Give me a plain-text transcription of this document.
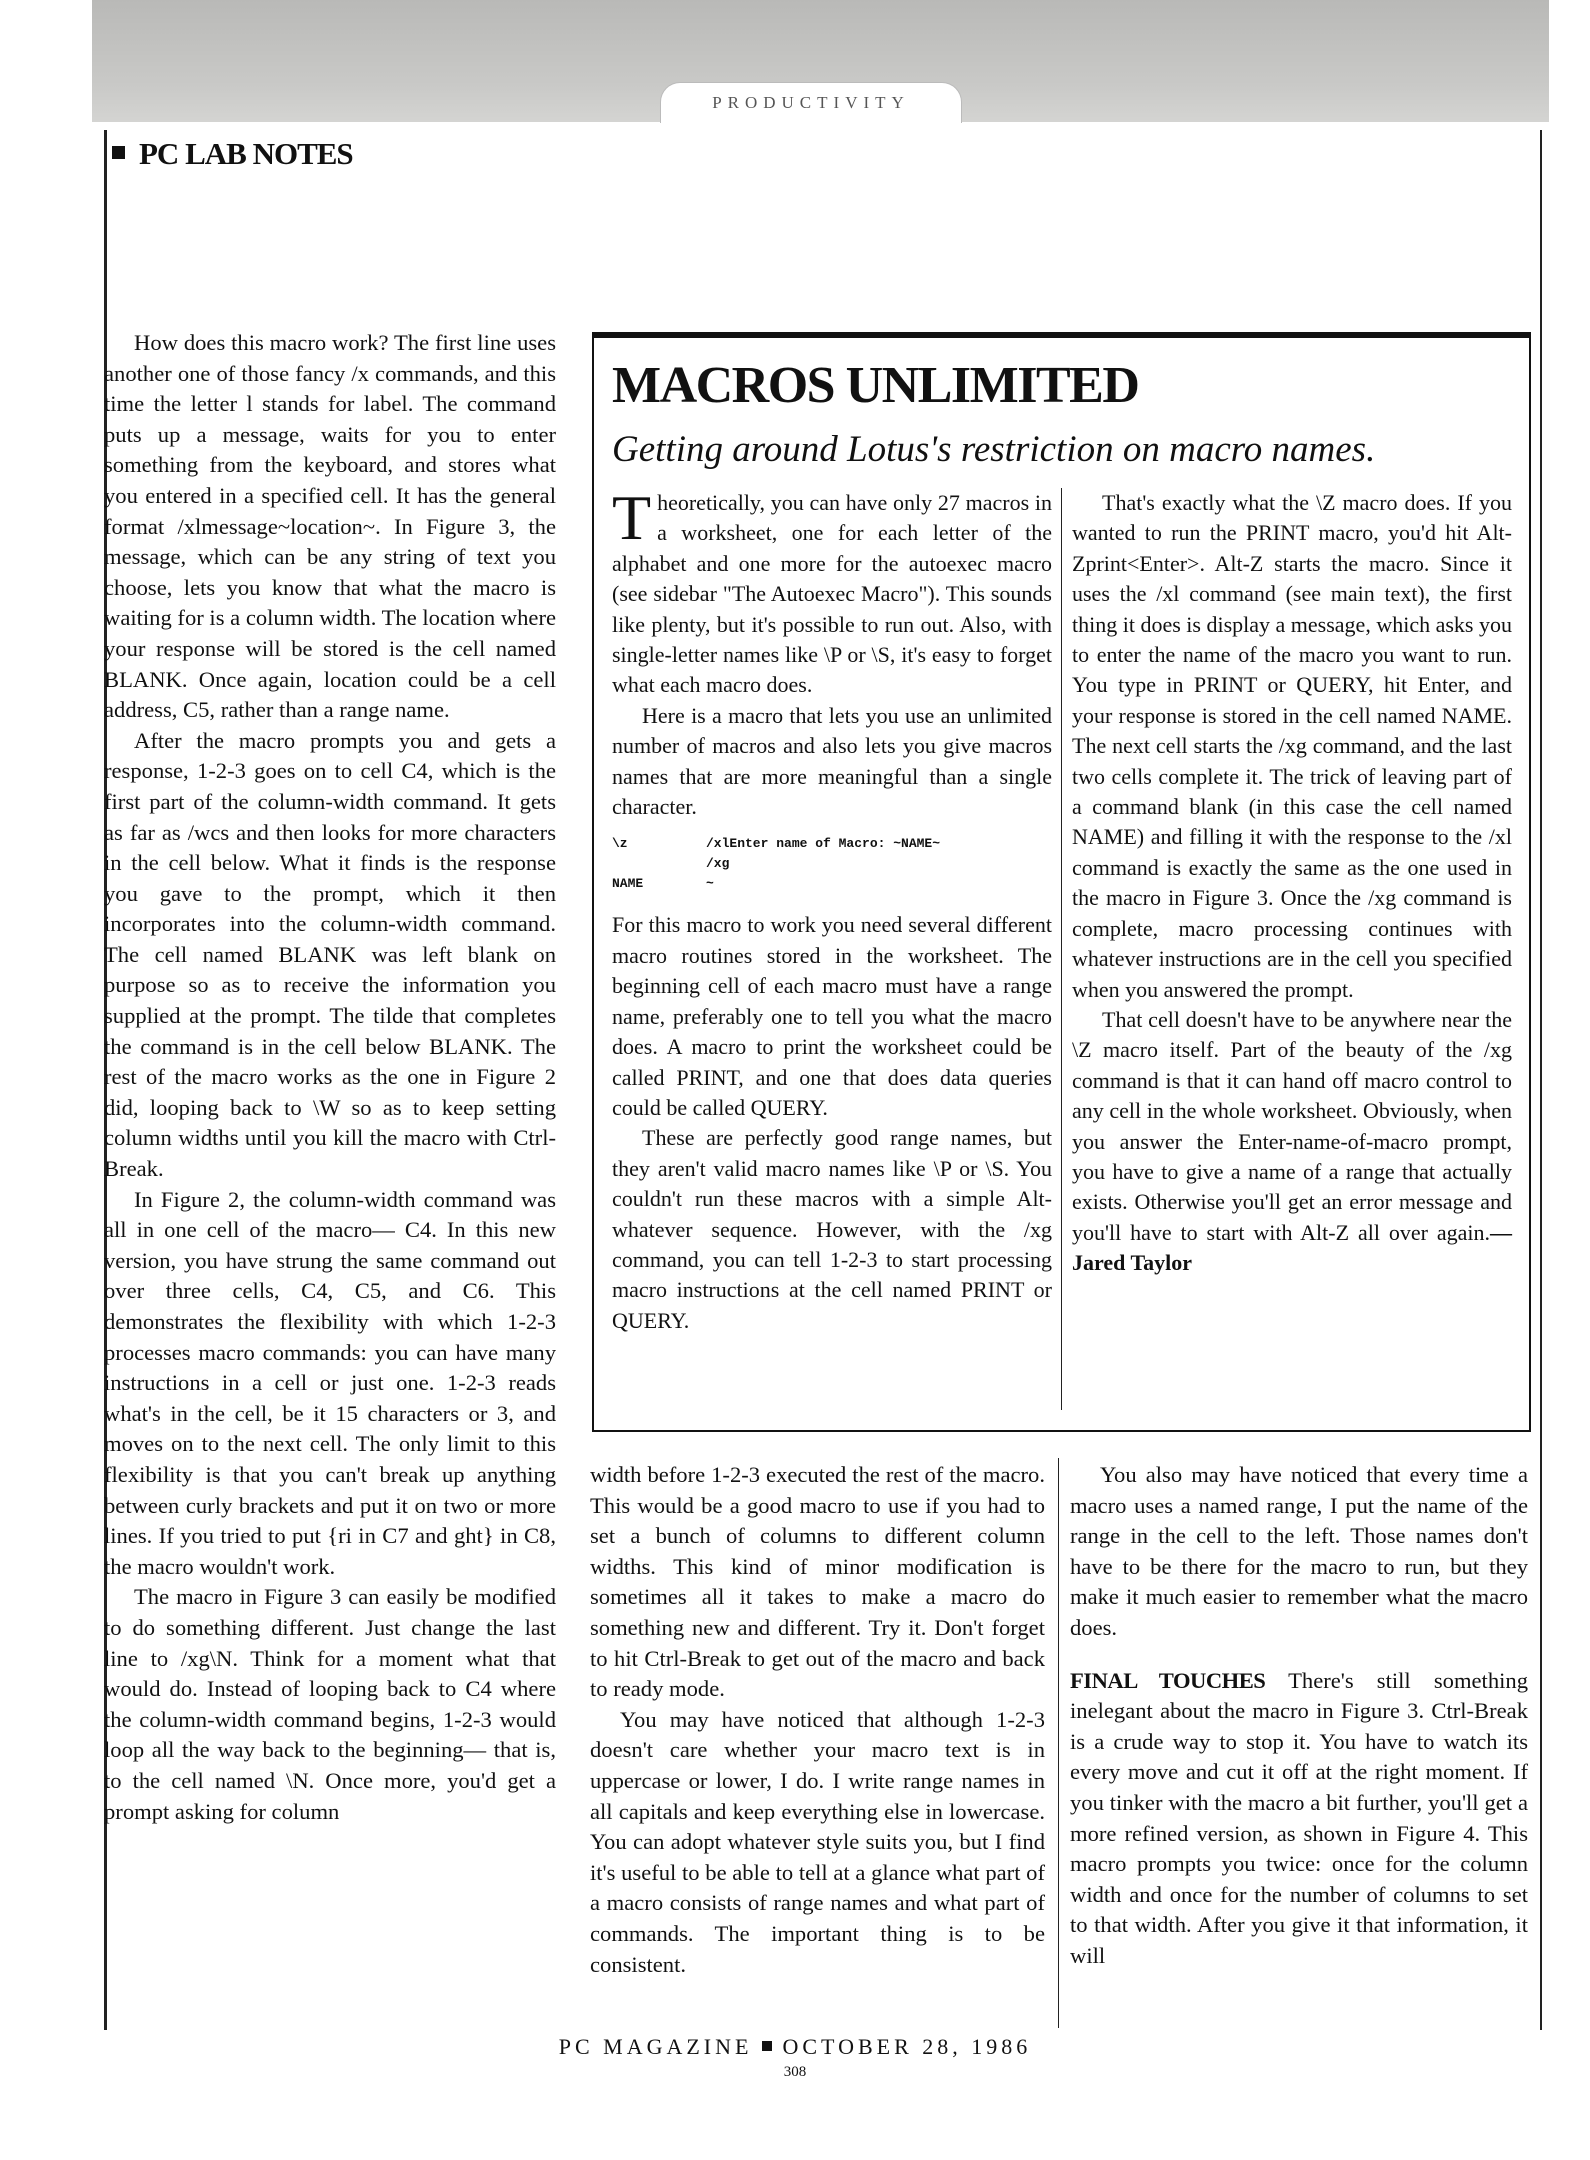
PRODUCTIVITY
PC LAB NOTES

How does this macro work? The first line uses another one of those fancy /x commands, and this time the letter l stands for label. The command puts up a message, waits for you to enter something from the keyboard, and stores what you entered in a specified cell. It has the general format /xlmessage~location~. In Figure 3, the message, which can be any string of text you choose, lets you know that what the macro is waiting for is a column width. The location where your response will be stored is the cell named BLANK. Once again, location could be a cell address, C5, rather than a range name.

After the macro prompts you and gets a response, 1-2-3 goes on to cell C4, which is the first part of the column-width command. It gets as far as /wcs and then looks for more characters in the cell below. What it finds is the response you gave to the prompt, which it then incorporates into the column-width command. The cell named BLANK was left blank on purpose so as to receive the information you supplied at the prompt. The tilde that completes the command is in the cell below BLANK. The rest of the macro works as the one in Figure 2 did, looping back to \W so as to keep setting column widths until you kill the macro with Ctrl-Break.

In Figure 2, the column-width command was all in one cell of the macro— C4. In this new version, you have strung the same command out over three cells, C4, C5, and C6. This demonstrates the flexibility with which 1-2-3 processes macro commands: you can have many instructions in a cell or just one. 1-2-3 reads what's in the cell, be it 15 characters or 3, and moves on to the next cell. The only limit to this flexibility is that you can't break up anything between curly brackets and put it on two or more lines. If you tried to put {ri in C7 and ght} in C8, the macro wouldn't work.

The macro in Figure 3 can easily be modified to do something different. Just change the last line to /xg\N. Think for a moment what that would do. Instead of looping back to C4 where the column-width command begins, 1-2-3 would loop all the way back to the beginning— that is, to the cell named \N. Once more, you'd get a prompt asking for column

MACROS UNLIMITED
Getting around Lotus's restriction on macro names.

Theoretically, you can have only 27 macros in a worksheet, one for each letter of the alphabet and one more for the autoexec macro (see sidebar "The Autoexec Macro"). This sounds like plenty, but it's possible to run out. Also, with single-letter names like \P or \S, it's easy to forget what each macro does.

Here is a macro that lets you use an unlimited number of macros and also lets you give macros names that are more meaningful than a single character.

\z	/xlEnter name of Macro: ~NAME~
/xg
NAME	~

For this macro to work you need several different macro routines stored in the worksheet. The beginning cell of each macro must have a range name, preferably one to tell you what the macro does. A macro to print the worksheet could be called PRINT, and one that does data queries could be called QUERY.

These are perfectly good range names, but they aren't valid macro names like \P or \S. You couldn't run these macros with a simple Alt-whatever sequence. However, with the /xg command, you can tell 1-2-3 to start processing macro instructions at the cell named PRINT or QUERY.

That's exactly what the \Z macro does. If you wanted to run the PRINT macro, you'd hit Alt-Zprint<Enter>. Alt-Z starts the macro. Since it uses the /xl command (see main text), the first thing it does is display a message, which asks you to enter the name of the macro you want to run. You type in PRINT or QUERY, hit Enter, and your response is stored in the cell named NAME. The next cell starts the /xg command, and the last two cells complete it. The trick of leaving part of a command blank (in this case the cell named NAME) and filling it with the response to the /xl command is exactly the same as the one used in the macro in Figure 3. Once the /xg command is complete, macro processing continues with whatever instructions are in the cell you specified when you answered the prompt.

That cell doesn't have to be anywhere near the \Z macro itself. Part of the beauty of the /xg command is that it can hand off macro control to any cell in the whole worksheet. Obviously, when you answer the Enter-name-of-macro prompt, you have to give a name of a range that actually exists. Otherwise you'll get an error message and you'll have to start with Alt-Z all over again.—Jared Taylor

width before 1-2-3 executed the rest of the macro. This would be a good macro to use if you had to set a bunch of columns to different column widths. This kind of minor modification is sometimes all it takes to make a macro do something new and different. Try it. Don't forget to hit Ctrl-Break to get out of the macro and back to ready mode.

You may have noticed that although 1-2-3 doesn't care whether your macro text is in uppercase or lower, I do. I write range names in all capitals and keep everything else in lowercase. You can adopt whatever style suits you, but I find it's useful to be able to tell at a glance what part of a macro consists of range names and what part of commands. The important thing is to be consistent.

You also may have noticed that every time a macro uses a named range, I put the name of the range in the cell to the left. Those names don't have to be there for the macro to run, but they make it much easier to remember what the macro does.

FINAL TOUCHES There's still something inelegant about the macro in Figure 3. Ctrl-Break is a crude way to stop it. You have to watch its every move and cut it off at the right moment. If you tinker with the macro a bit further, you'll get a more refined version, as shown in Figure 4. This macro prompts you twice: once for the column width and once for the number of columns to set to that width. After you give it that information, it will

PC MAGAZINE OCTOBER 28, 1986
308
